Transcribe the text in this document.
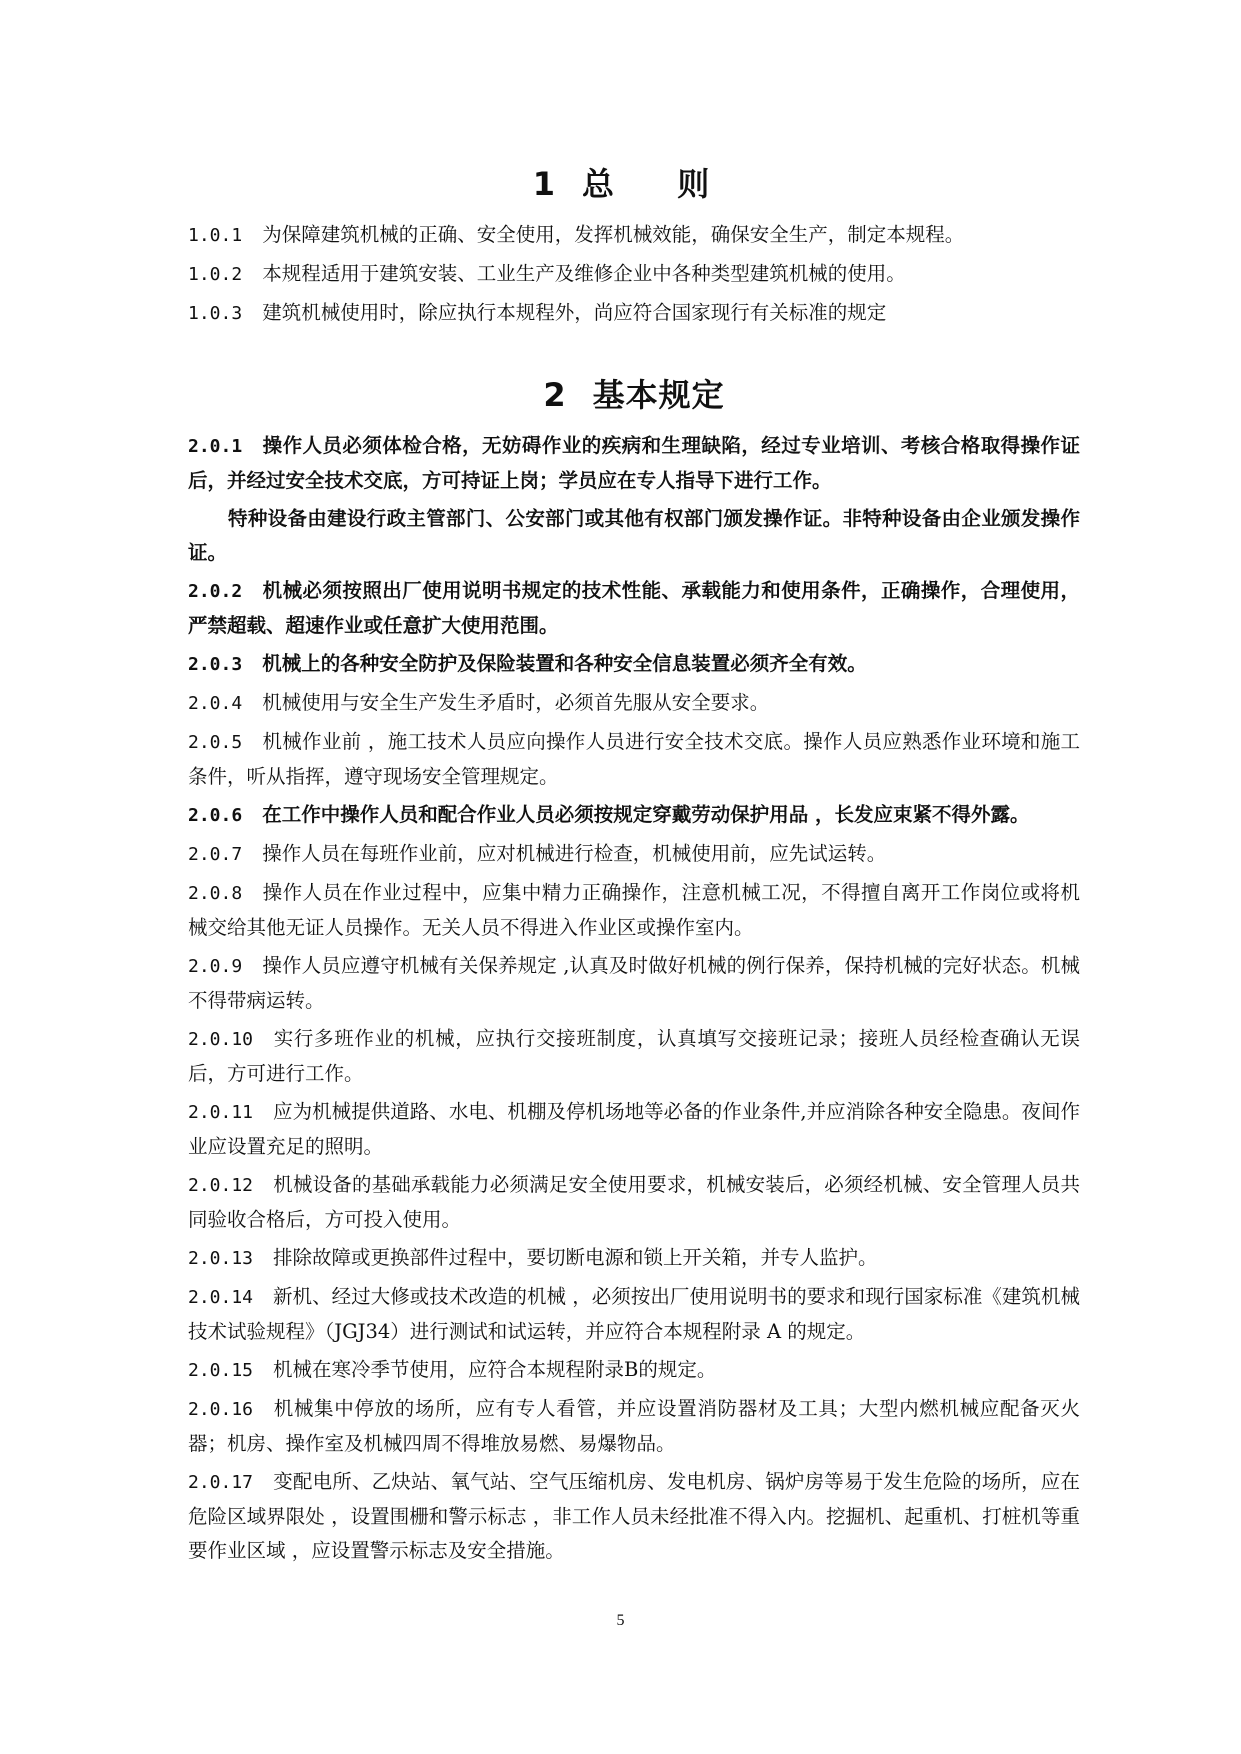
1 总 则

1.0.1 为保障建筑机械的正确、安全使用，发挥机械效能，确保安全生产，制定本规程。

1.0.2 本规程适用于建筑安装、工业生产及维修企业中各种类型建筑机械的使用。

1.0.3 建筑机械使用时，除应执行本规程外，尚应符合国家现行有关标准的规定

2 基本规定

2.0.1 操作人员必须体检合格，无妨碍作业的疾病和生理缺陷，经过专业培训、考核合格取得操作证后，并经过安全技术交底，方可持证上岗；学员应在专人指导下进行工作。

特种设备由建设行政主管部门、公安部门或其他有权部门颁发操作证。非特种设备由企业颁发操作证。

2.0.2 机械必须按照出厂使用说明书规定的技术性能、承载能力和使用条件，正确操作，合理使用，严禁超载、超速作业或任意扩大使用范围。

2.0.3 机械上的各种安全防护及保险装置和各种安全信息装置必须齐全有效。

2.0.4 机械使用与安全生产发生矛盾时，必须首先服从安全要求。

2.0.5 机械作业前 ，施工技术人员应向操作人员进行安全技术交底。操作人员应熟悉作业环境和施工条件，听从指挥，遵守现场安全管理规定。

2.0.6 在工作中操作人员和配合作业人员必须按规定穿戴劳动保护用品 ，长发应束紧不得外露。

2.0.7 操作人员在每班作业前，应对机械进行检查，机械使用前，应先试运转。

2.0.8 操作人员在作业过程中，应集中精力正确操作，注意机械工况，不得擅自离开工作岗位或将机械交给其他无证人员操作。无关人员不得进入作业区或操作室内。

2.0.9 操作人员应遵守机械有关保养规定 ,认真及时做好机械的例行保养，保持机械的完好状态。机械不得带病运转。

2.0.10 实行多班作业的机械，应执行交接班制度，认真填写交接班记录；接班人员经检查确认无误后，方可进行工作。

2.0.11 应为机械提供道路、水电、机棚及停机场地等必备的作业条件,并应消除各种安全隐患。夜间作业应设置充足的照明。

2.0.12 机械设备的基础承载能力必须满足安全使用要求，机械安装后，必须经机械、安全管理人员共同验收合格后，方可投入使用。

2.0.13 排除故障或更换部件过程中，要切断电源和锁上开关箱，并专人监护。

2.0.14 新机、经过大修或技术改造的机械 ，必须按出厂使用说明书的要求和现行国家标准《建筑机械技术试验规程》（JGJ34）进行测试和试运转，并应符合本规程附录 A 的规定。

2.0.15 机械在寒冷季节使用，应符合本规程附录B的规定。

2.0.16 机械集中停放的场所，应有专人看管，并应设置消防器材及工具；大型内燃机械应配备灭火器；机房、操作室及机械四周不得堆放易燃、易爆物品。

2.0.17 变配电所、乙炔站、氧气站、空气压缩机房、发电机房、锅炉房等易于发生危险的场所，应在危险区域界限处 ，设置围栅和警示标志 ，非工作人员未经批准不得入内。挖掘机、起重机、打桩机等重要作业区域 ，应设置警示标志及安全措施。

5
